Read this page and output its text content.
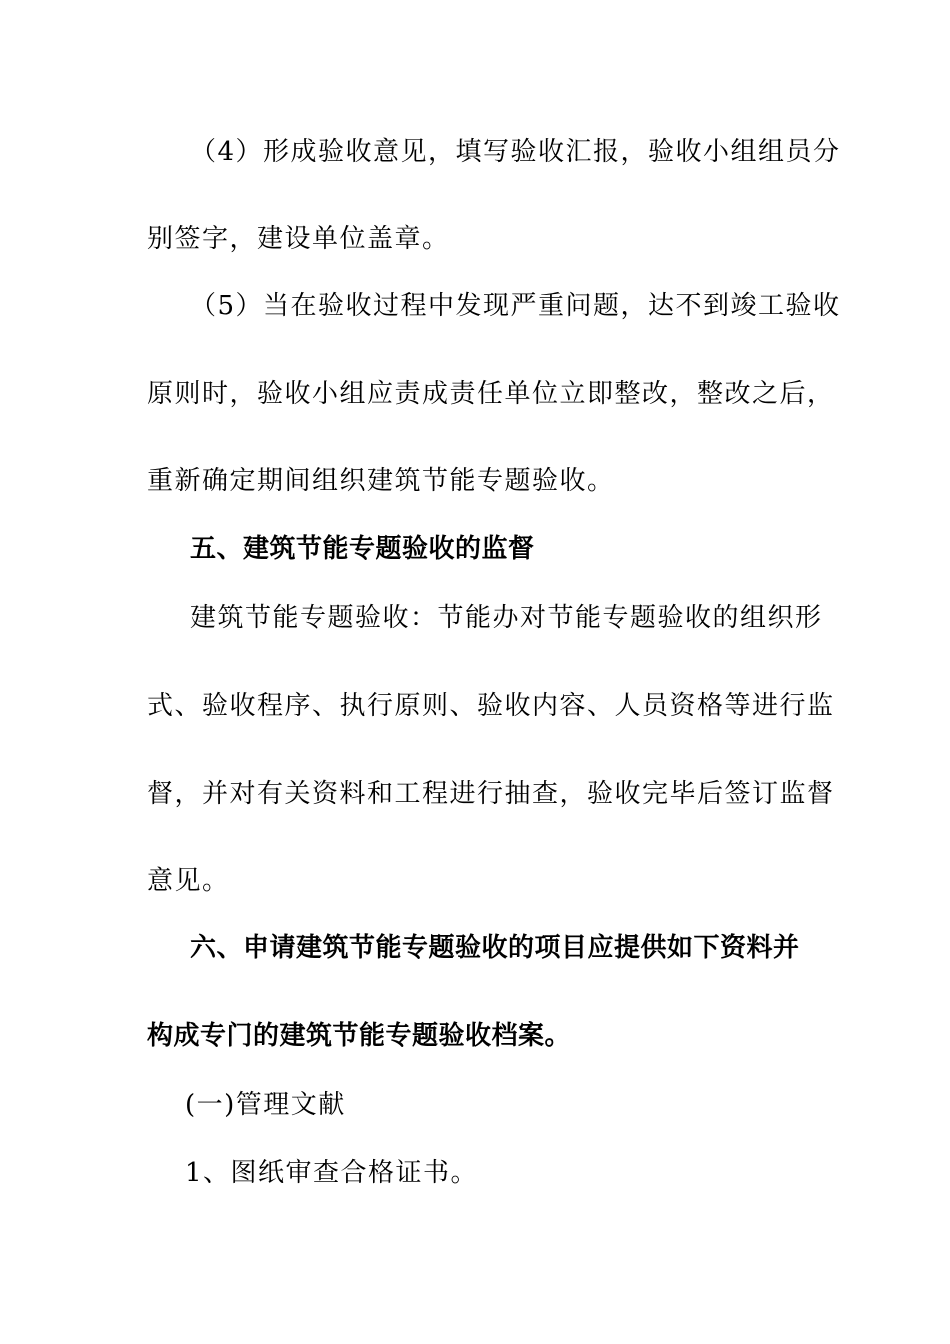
（4）形成验收意见，填写验收汇报，验收小组组员分
别签字，建设单位盖章。
（5）当在验收过程中发现严重问题，达不到竣工验收
原则时，验收小组应责成责任单位立即整改，整改之后，
重新确定期间组织建筑节能专题验收。
五、建筑节能专题验收的监督
建筑节能专题验收：节能办对节能专题验收的组织形
式、验收程序、执行原则、验收内容、人员资格等进行监
督，并对有关资料和工程进行抽查，验收完毕后签订监督
意见。
六、申请建筑节能专题验收的项目应提供如下资料并
构成专门的建筑节能专题验收档案。
(一)管理文献
1、图纸审查合格证书。
